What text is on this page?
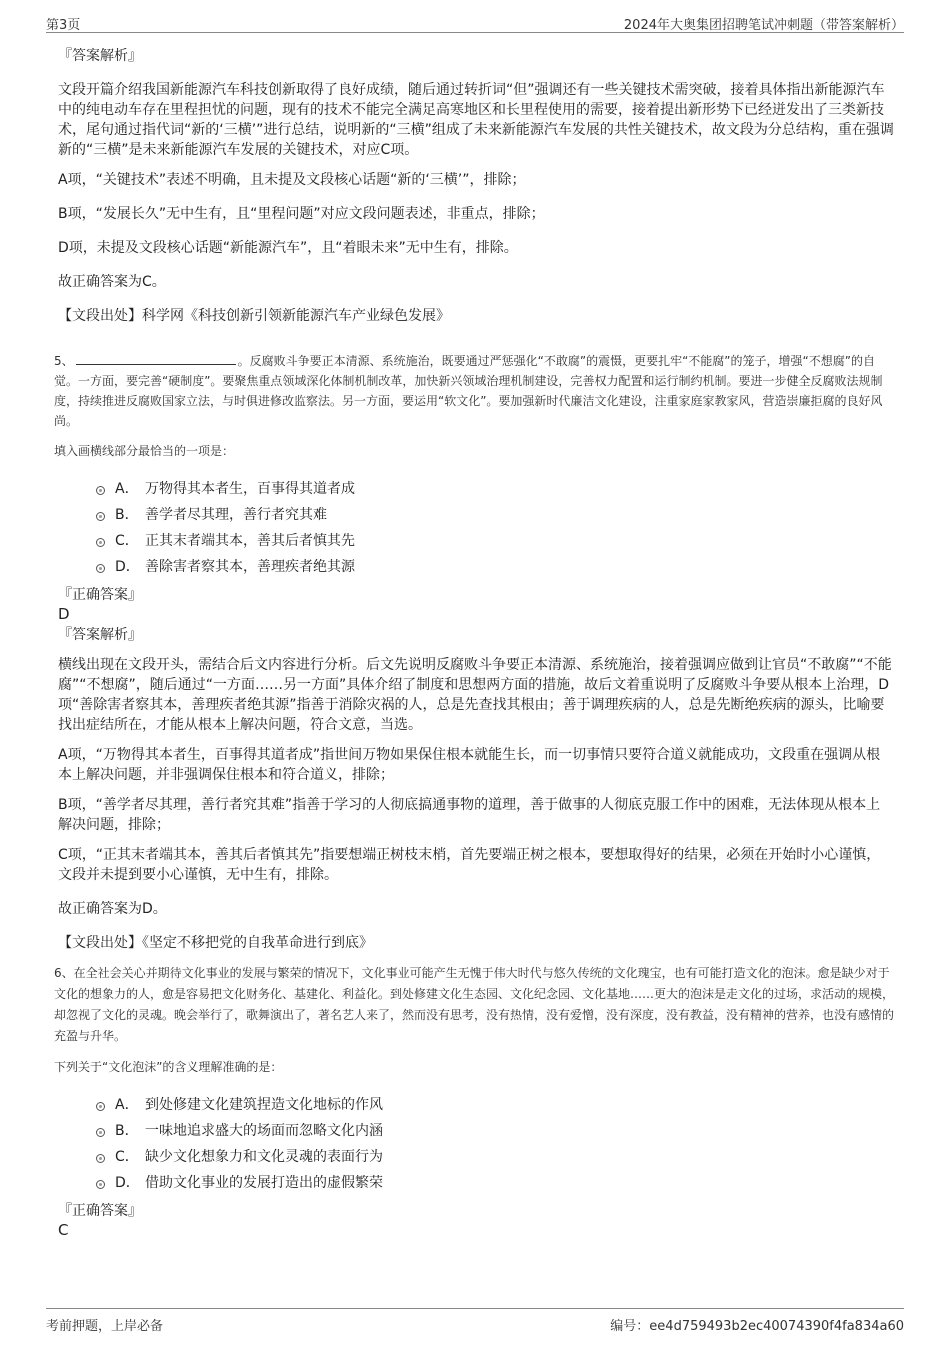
第3页	2024年大奥集团招聘笔试冲刺题（带答案解析）

『答案解析』

文段开篇介绍我国新能源汽车科技创新取得了良好成绩，随后通过转折词“但”强调还有一些关键技术需突破，接着具体指出新能源汽车中的纯电动车存在里程担忧的问题，现有的技术不能完全满足高寒地区和长里程使用的需要，接着提出新形势下已经迸发出了三类新技术，尾句通过指代词“新的‘三横’”进行总结，说明新的“三横”组成了未来新能源汽车发展的共性关键技术，故文段为分总结构，重在强调新的“三横”是未来新能源汽车发展的关键技术，对应C项。

A项，“关键技术”表述不明确，且未提及文段核心话题“新的‘三横’”，排除；

B项，“发展长久”无中生有，且“里程问题”对应文段问题表述，非重点，排除；

D项，未提及文段核心话题“新能源汽车”，且“着眼未来”无中生有，排除。

故正确答案为C。

【文段出处】科学网《科技创新引领新能源汽车产业绿色发展》

5、	。反腐败斗争要正本清源、系统施治，既要通过严惩强化“不敢腐”的震慑，更要扎牢“不能腐”的笼子，增强“不想腐”的自觉。一方面，要完善“硬制度”。要聚焦重点领域深化体制机制改革，加快新兴领域治理机制建设，完善权力配置和运行制约机制。要进一步健全反腐败法规制度，持续推进反腐败国家立法，与时俱进修改监察法。另一方面，要运用“软文化”。要加强新时代廉洁文化建设，注重家庭家教家风，营造崇廉拒腐的良好风尚。

填入画横线部分最恰当的一项是：

A． 万物得其本者生，百事得其道者成
B． 善学者尽其理，善行者究其难
C． 正其末者端其本，善其后者慎其先
D． 善除害者察其本，善理疾者绝其源

『正确答案』

D

『答案解析』

横线出现在文段开头，需结合后文内容进行分析。后文先说明反腐败斗争要正本清源、系统施治，接着强调应做到让官员“不敢腐”“不能腐”“不想腐”，随后通过“一方面……另一方面”具体介绍了制度和思想两方面的措施，故后文着重说明了反腐败斗争要从根本上治理，D项“善除害者察其本，善理疾者绝其源”指善于消除灾祸的人，总是先查找其根由；善于调理疾病的人，总是先断绝疾病的源头，比喻要找出症结所在，才能从根本上解决问题，符合文意，当选。

A项，“万物得其本者生，百事得其道者成”指世间万物如果保住根本就能生长，而一切事情只要符合道义就能成功，文段重在强调从根本上解决问题，并非强调保住根本和符合道义，排除；

B项，“善学者尽其理，善行者究其难”指善于学习的人彻底搞通事物的道理，善于做事的人彻底克服工作中的困难，无法体现从根本上解决问题，排除；

C项，“正其末者端其本，善其后者慎其先”指要想端正树枝末梢，首先要端正树之根本，要想取得好的结果，必须在开始时小心谨慎，文段并未提到要小心谨慎，无中生有，排除。

故正确答案为D。

【文段出处】《坚定不移把党的自我革命进行到底》

6、在全社会关心并期待文化事业的发展与繁荣的情况下，文化事业可能产生无愧于伟大时代与悠久传统的文化瑰宝，也有可能打造文化的泡沫。愈是缺少对于文化的想象力的人，愈是容易把文化财务化、基建化、利益化。到处修建文化生态园、文化纪念园、文化基地……更大的泡沫是走文化的过场，求活动的规模，却忽视了文化的灵魂。晚会举行了，歌舞演出了，著名艺人来了，然而没有思考，没有热情，没有爱憎，没有深度，没有教益，没有精神的营养，也没有感情的充盈与升华。

下列关于“文化泡沫”的含义理解准确的是：

A． 到处修建文化建筑捏造文化地标的作风
B． 一味地追求盛大的场面而忽略文化内涵
C． 缺少文化想象力和文化灵魂的表面行为
D． 借助文化事业的发展打造出的虚假繁荣

『正确答案』

C

考前押题，上岸必备	编号：ee4d759493b2ec40074390f4fa834a60
